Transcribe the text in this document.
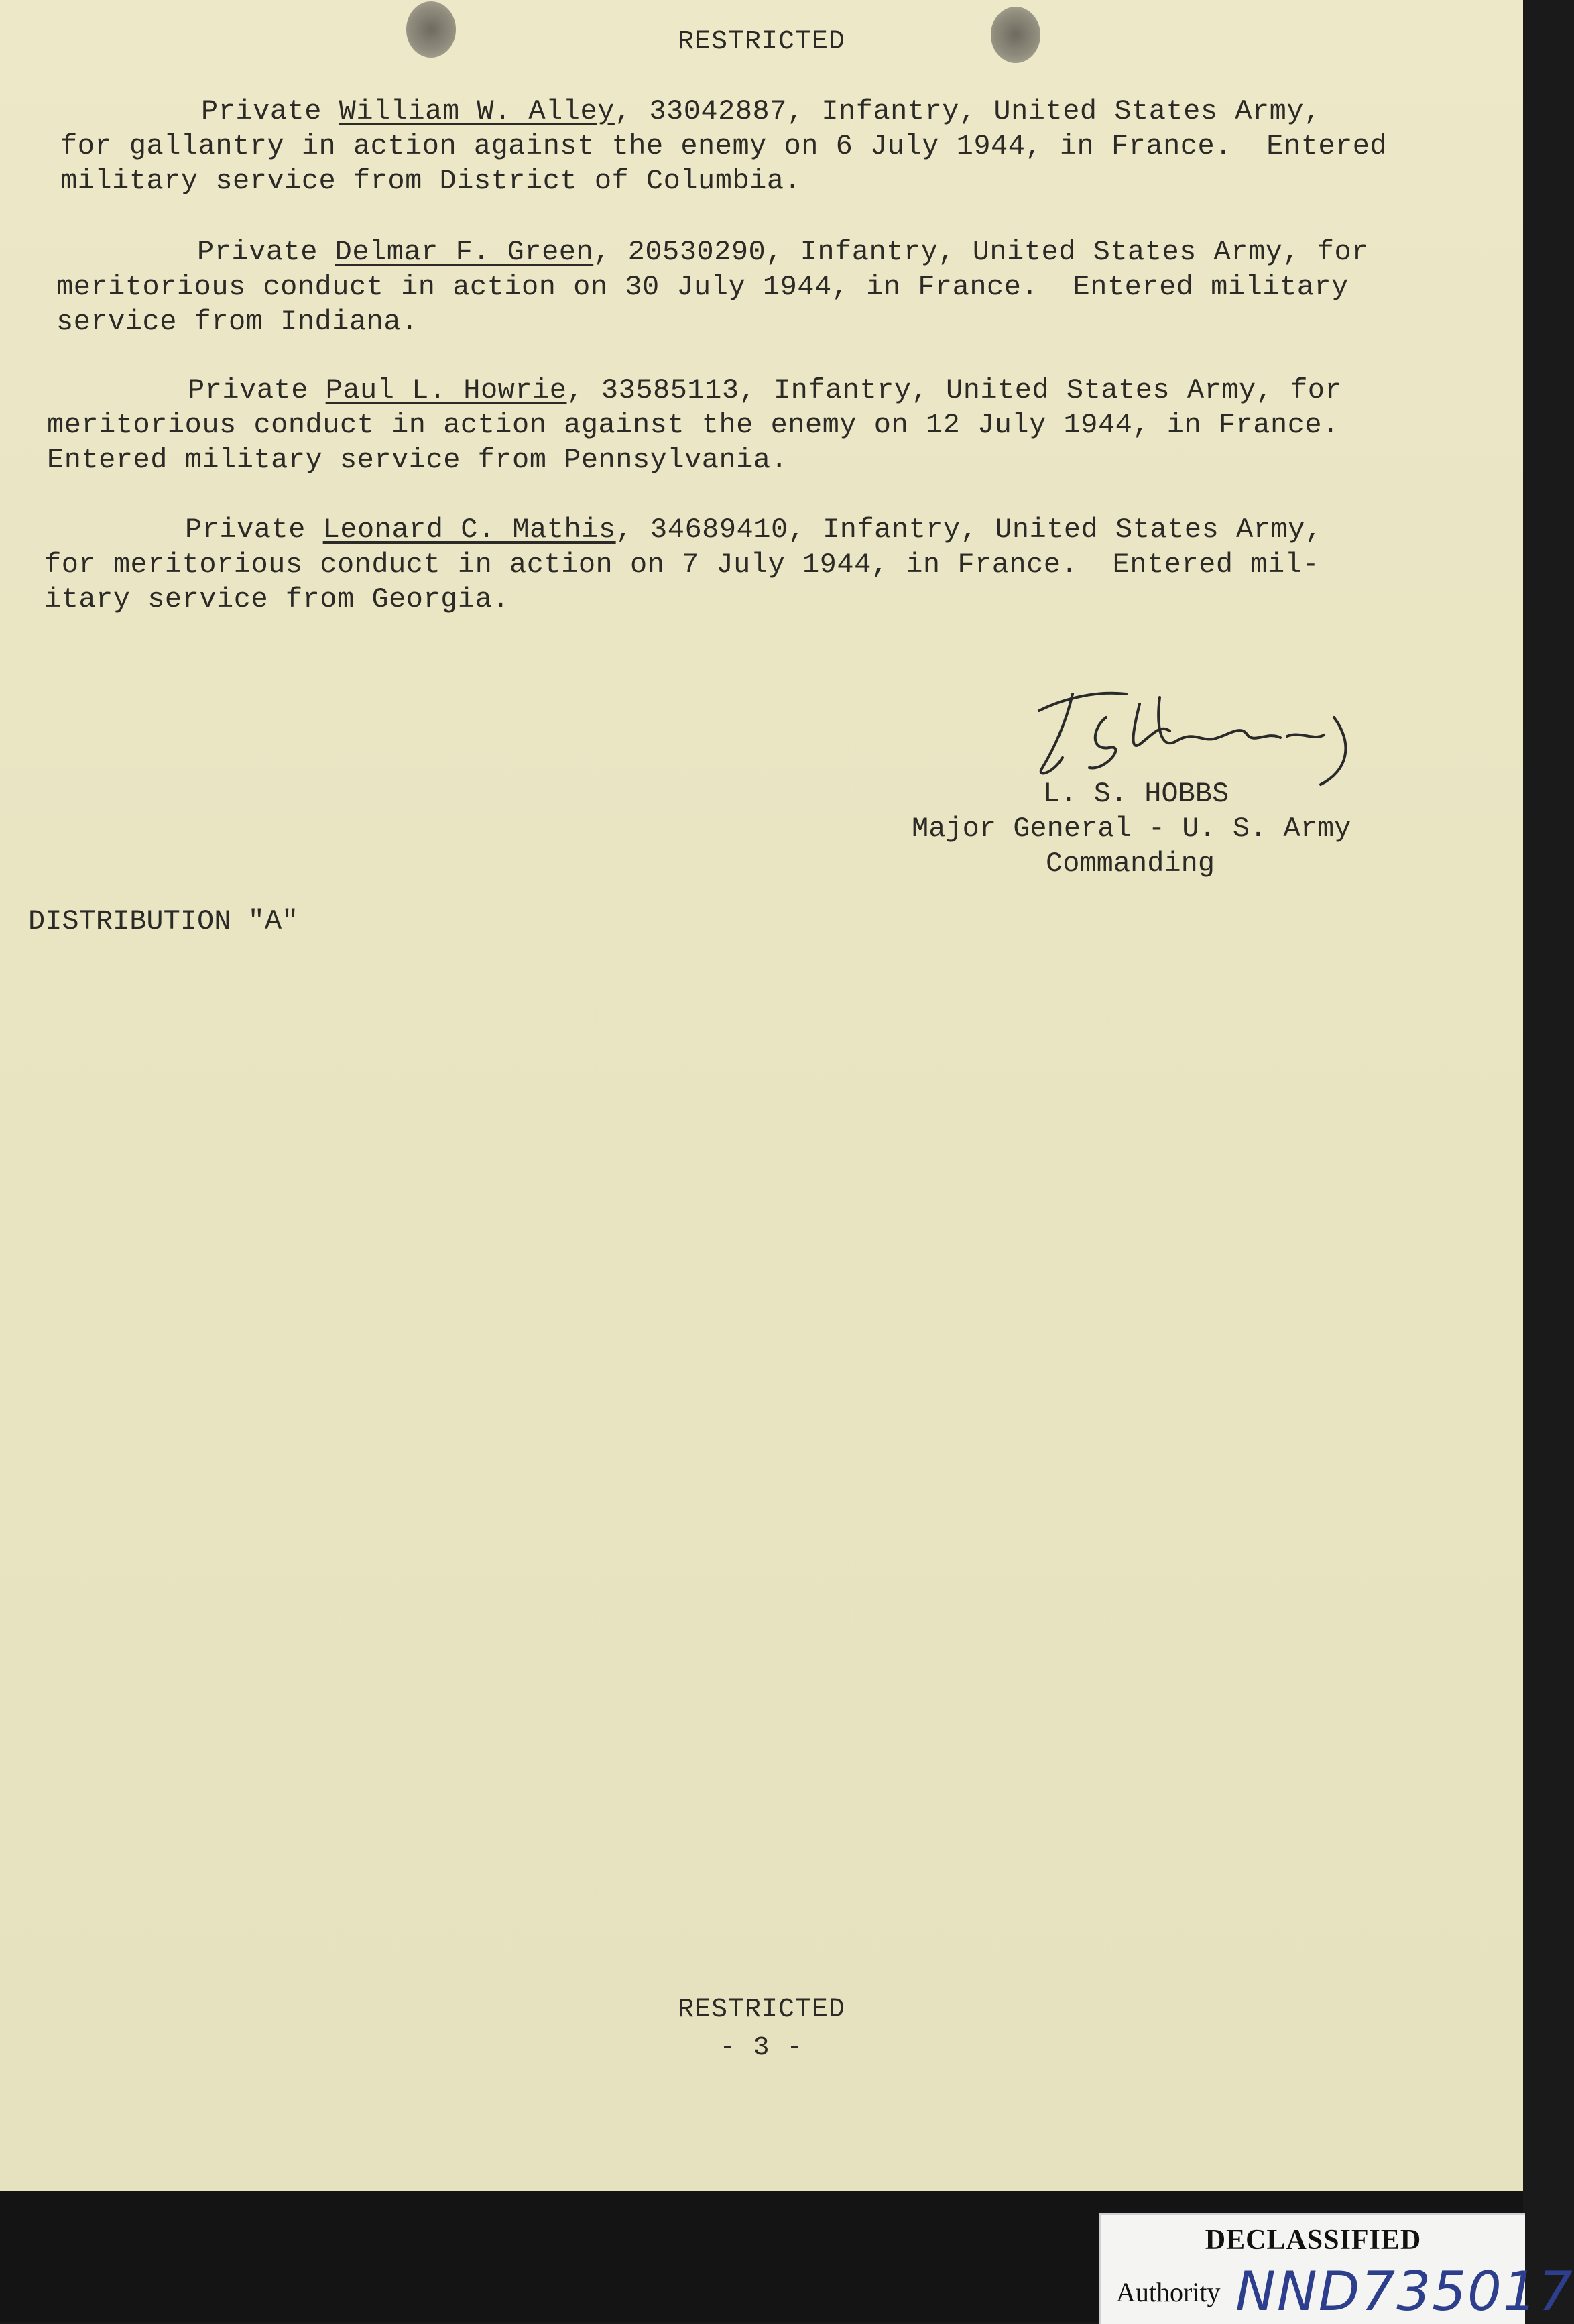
RESTRICTED
Private William W. Alley, 33042887, Infantry, United States Army,
for gallantry in action against the enemy on 6 July 1944, in France.  Entered
military service from District of Columbia.
Private Delmar F. Green, 20530290, Infantry, United States Army, for
meritorious conduct in action on 30 July 1944, in France.  Entered military
service from Indiana.
Private Paul L. Howrie, 33585113, Infantry, United States Army, for
meritorious conduct in action against the enemy on 12 July 1944, in France.
Entered military service from Pennsylvania.
Private Leonard C. Mathis, 34689410, Infantry, United States Army,
for meritorious conduct in action on 7 July 1944, in France.  Entered mil-
itary service from Georgia.
L. S. HOBBS
Major General - U. S. Army
Commanding
DISTRIBUTION "A"
RESTRICTED
- 3 -
DECLASSIFIED
Authority NND735017
